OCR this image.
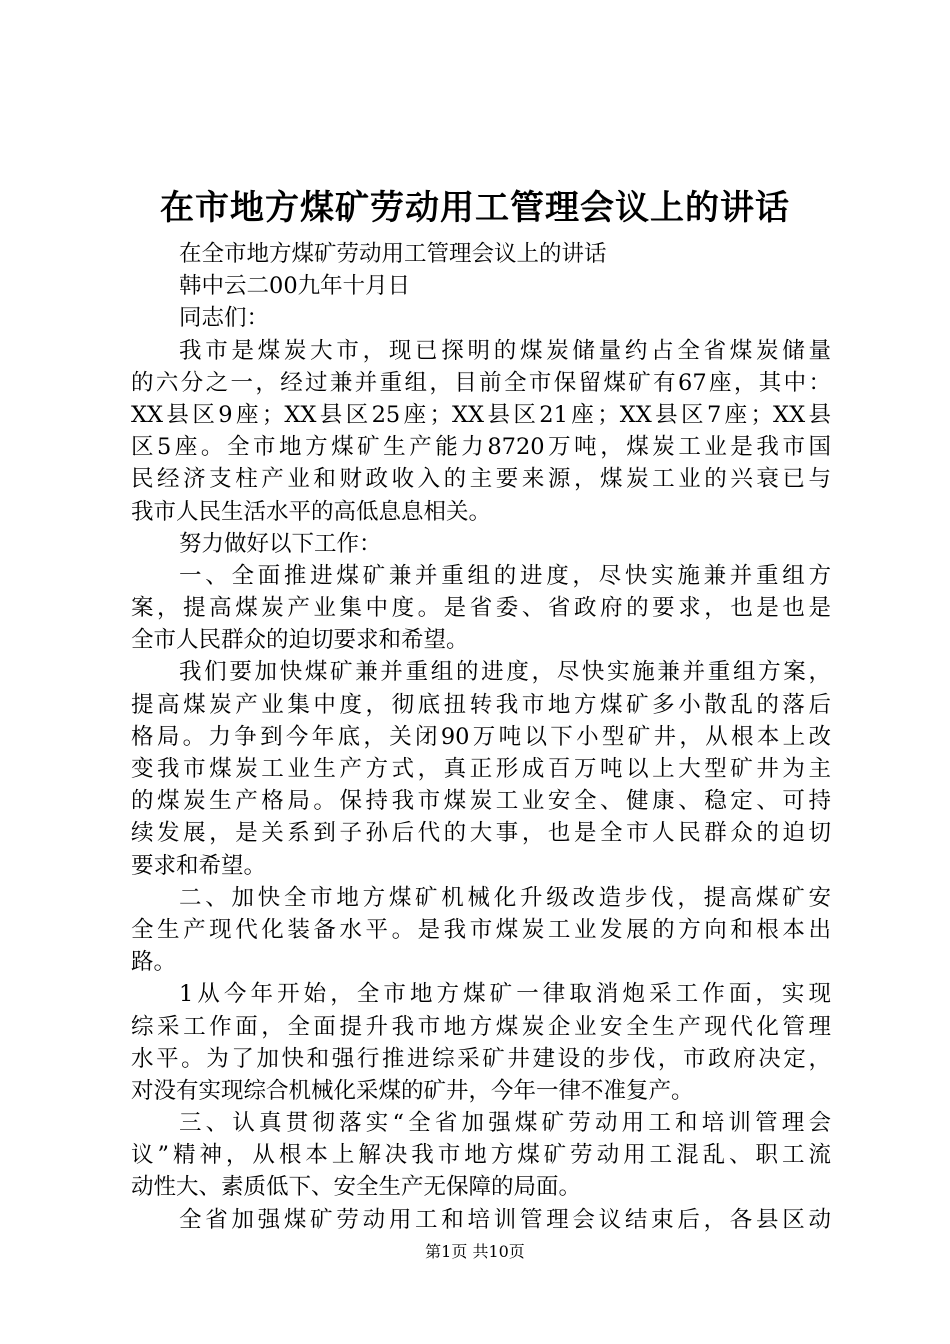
在市地方煤矿劳动用工管理会议上的讲话
在全市地方煤矿劳动用工管理会议上的讲话
韩中云二00九年十月日
同志们：
我市是煤炭大市，现已探明的煤炭储量约占全省煤炭储量
的六分之一，经过兼并重组，目前全市保留煤矿有67座，其中：
XX县区9座；XX县区25座；XX县区21座；XX县区7座；XX县
区5座。全市地方煤矿生产能力8720万吨，煤炭工业是我市国
民经济支柱产业和财政收入的主要来源，煤炭工业的兴衰已与
我市人民生活水平的高低息息相关。
努力做好以下工作：
一、全面推进煤矿兼并重组的进度，尽快实施兼并重组方
案，提高煤炭产业集中度。是省委、省政府的要求，也是也是
全市人民群众的迫切要求和希望。
我们要加快煤矿兼并重组的进度，尽快实施兼并重组方案，
提高煤炭产业集中度，彻底扭转我市地方煤矿多小散乱的落后
格局。力争到今年底，关闭90万吨以下小型矿井，从根本上改
变我市煤炭工业生产方式，真正形成百万吨以上大型矿井为主
的煤炭生产格局。保持我市煤炭工业安全、健康、稳定、可持
续发展，是关系到子孙后代的大事，也是全市人民群众的迫切
要求和希望。
二、加快全市地方煤矿机械化升级改造步伐，提高煤矿安
全生产现代化装备水平。是我市煤炭工业发展的方向和根本出
路。
1从今年开始，全市地方煤矿一律取消炮采工作面，实现
综采工作面，全面提升我市地方煤炭企业安全生产现代化管理
水平。为了加快和强行推进综采矿井建设的步伐，市政府决定，
对没有实现综合机械化采煤的矿井，今年一律不准复产。
三、认真贯彻落实“全省加强煤矿劳动用工和培训管理会
议”精神，从根本上解决我市地方煤矿劳动用工混乱、职工流
动性大、素质低下、安全生产无保障的局面。
全省加强煤矿劳动用工和培训管理会议结束后，各县区动
第1页 共10页
